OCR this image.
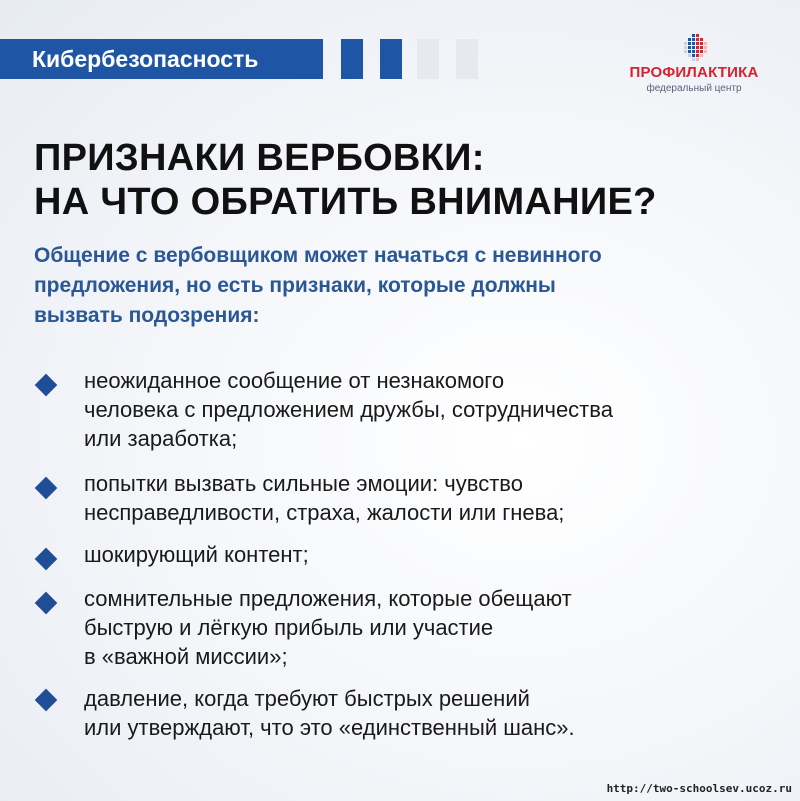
Кибербезопасность
ПРОФИЛАКТИКА
федеральный центр
ПРИЗНАКИ ВЕРБОВКИ:
НА ЧТО ОБРАТИТЬ ВНИМАНИЕ?
Общение с вербовщиком может начаться с невинного
предложения, но есть признаки, которые должны
вызвать подозрения:
неожиданное сообщение от незнакомого
человека с предложением дружбы, сотрудничества
или заработка;
попытки вызвать сильные эмоции: чувство
несправедливости, страха, жалости или гнева;
шокирующий контент;
сомнительные предложения, которые обещают
быструю и лёгкую прибыль или участие
в «важной миссии»;
давление, когда требуют быстрых решений
или утверждают, что это «единственный шанс».
http://two-schoolsev.ucoz.ru
